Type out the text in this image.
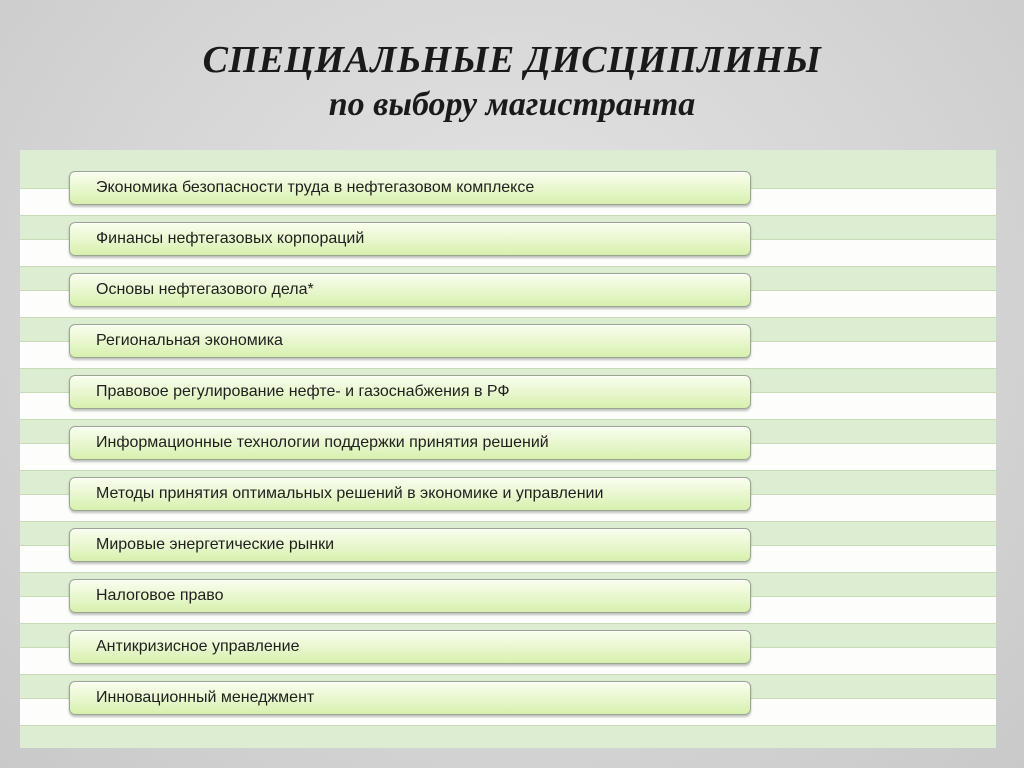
СПЕЦИАЛЬНЫЕ ДИСЦИПЛИНЫ
по выбору магистранта
Экономика безопасности труда в нефтегазовом комплексе
Финансы нефтегазовых корпораций
Основы нефтегазового дела*
Региональная экономика
Правовое регулирование нефте- и газоснабжения в РФ
Информационные технологии поддержки принятия решений
Методы принятия оптимальных решений в экономике и управлении
Мировые энергетические рынки
Налоговое право
Антикризисное управление
Инновационный менеджмент
